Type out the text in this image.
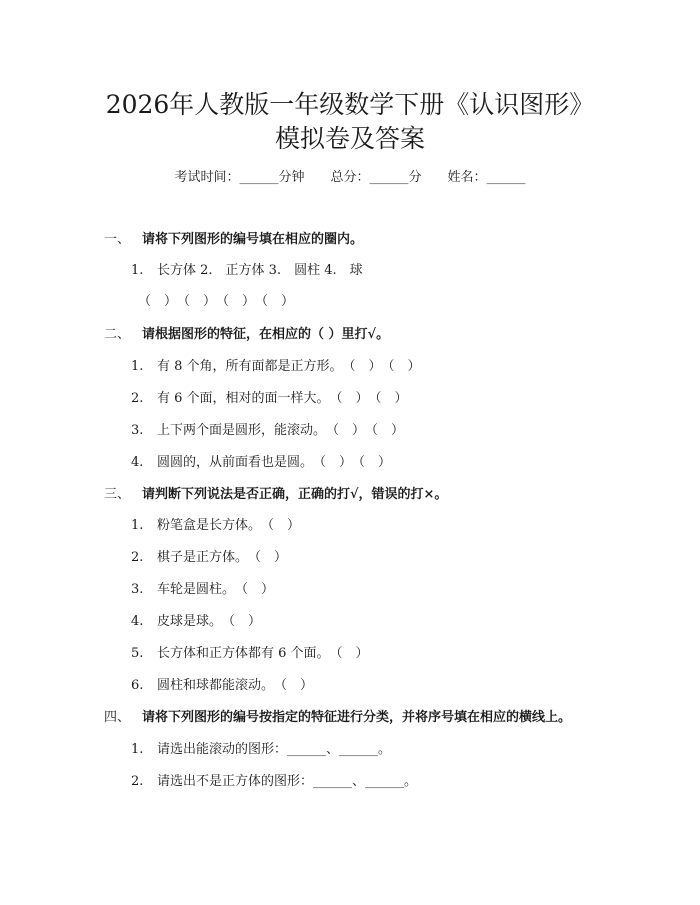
2026年人教版一年级数学下册《认识图形》
模拟卷及答案
考试时间：______分钟 总分：______分 姓名：______
一、 请将下列图形的编号填在相应的圈内。
1. 长方体 2.　正方体 3.　圆柱 4.　球
（　）　（　）　（　）　（　）
二、 请根据图形的特征，在相应的（ ）里打√。
1. 有 8 个角，所有面都是正方形。　（　）　（　）
2. 有 6 个面，相对的面一样大。　（　）　（　）
3. 上下两个面是圆形，能滚动。　（　）　（　）
4. 圆圆的，从前面看也是圆。　（　）　（　）
三、 请判断下列说法是否正确，正确的打√，错误的打×。
1. 粉笔盒是长方体。　（　）
2. 棋子是正方体。　（　）
3. 车轮是圆柱。　（　）
4. 皮球是球。　（　）
5. 长方体和正方体都有 6 个面。　（　）
6. 圆柱和球都能滚动。　（　）
四、 请将下列图形的编号按指定的特征进行分类，并将序号填在相应的横线上。
1. 请选出能滚动的图形：______、______。
2. 请选出不是正方体的图形：______、______。
